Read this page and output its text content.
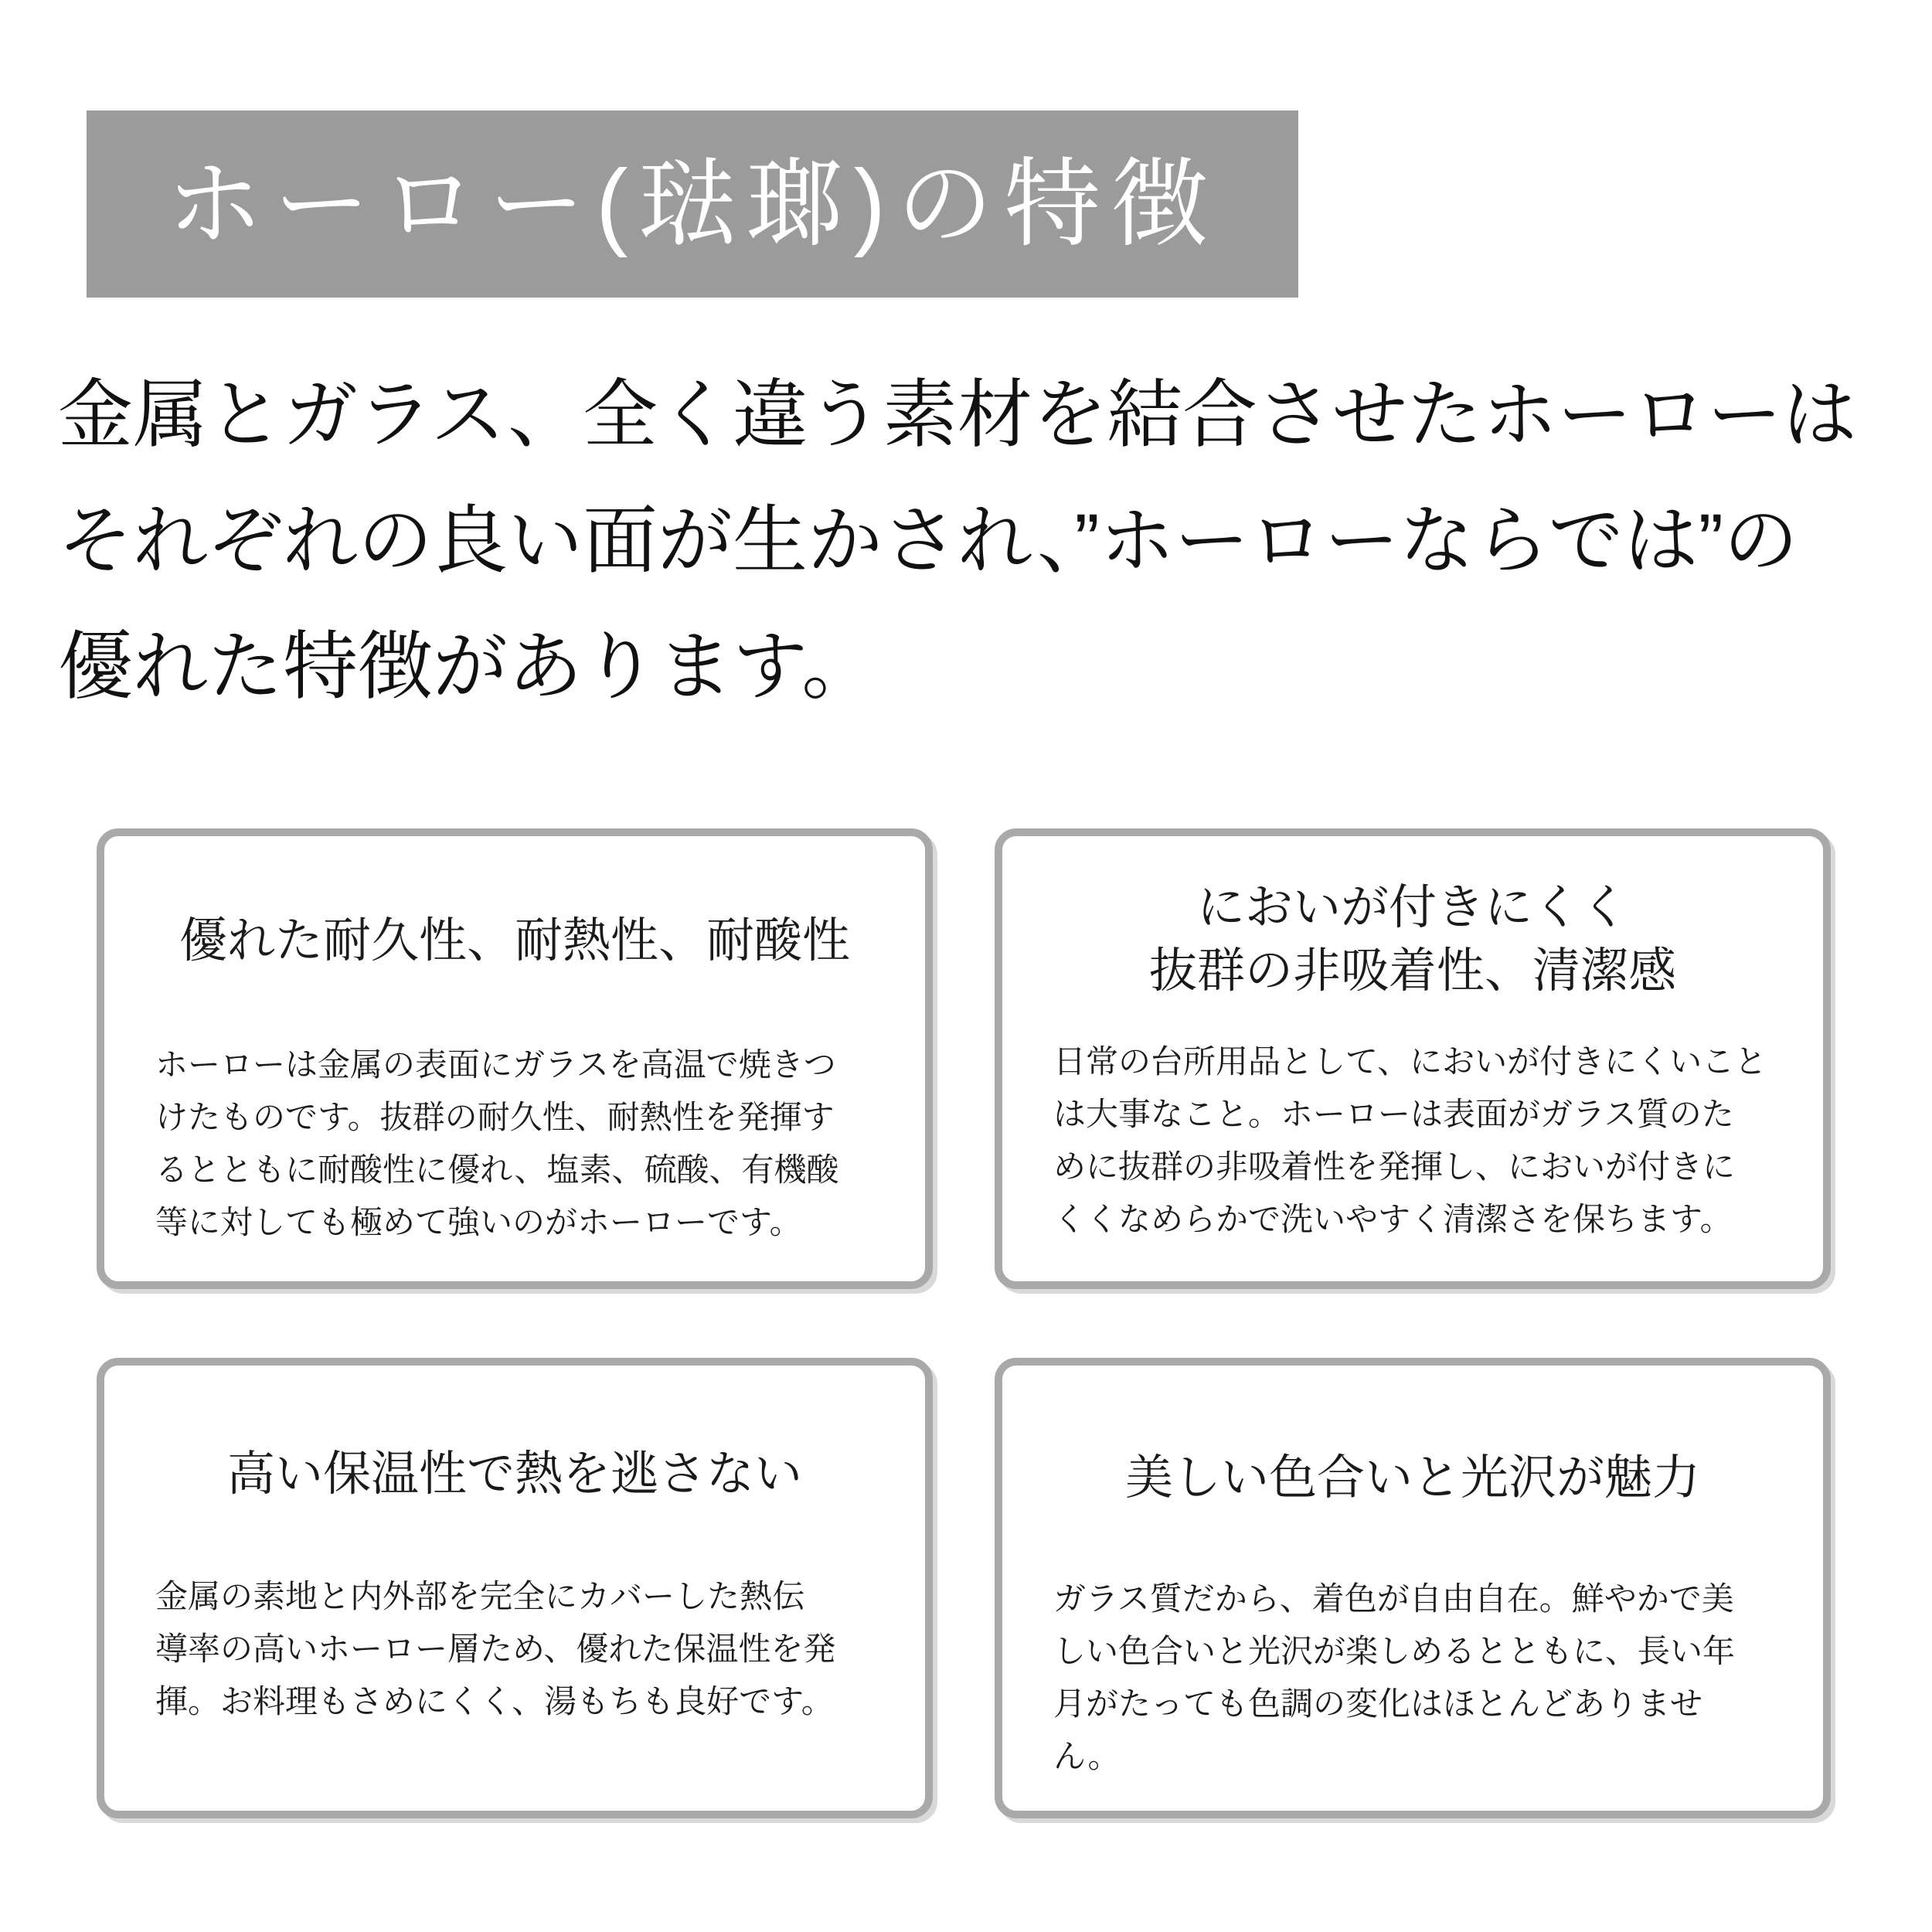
ホーロー(琺瑯)の特徴
金属とガラス、全く違う素材を結合させたホーローは
それぞれの良い面が生かされ、”ホーローならでは”の
優れた特徴があります。
優れた耐久性、耐熱性、耐酸性
ホーローは金属の表面にガラスを高温で焼きつ
けたものです。抜群の耐久性、耐熱性を発揮す
るとともに耐酸性に優れ、塩素、硫酸、有機酸
等に対しても極めて強いのがホーローです。
においが付きにくく
抜群の非吸着性、清潔感
日常の台所用品として、においが付きにくいこと
は大事なこと。ホーローは表面がガラス質のた
めに抜群の非吸着性を発揮し、においが付きに
くくなめらかで洗いやすく清潔さを保ちます。
高い保温性で熱を逃さない
金属の素地と内外部を完全にカバーした熱伝
導率の高いホーロー層ため、優れた保温性を発
揮。お料理もさめにくく、湯もちも良好です。
美しい色合いと光沢が魅力
ガラス質だから、着色が自由自在。鮮やかで美
しい色合いと光沢が楽しめるとともに、長い年
月がたっても色調の変化はほとんどありませ
ん。
